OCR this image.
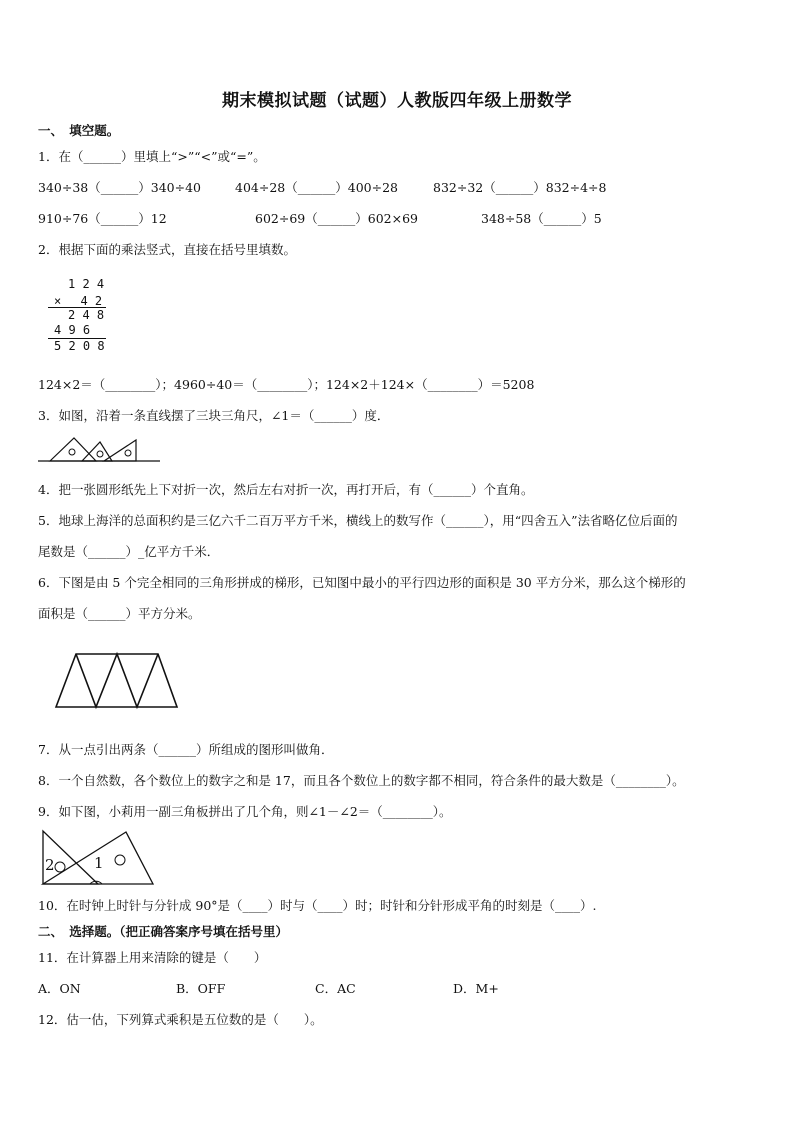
期末模拟试题（试题）人教版四年级上册数学
一、　填空题。
1．在（______）里填上“>”“<”或“=”。
340÷38（______）340÷40	404÷28（______）400÷28	832÷32（______）832÷4÷8
910÷76（______）12	602÷69（______）602×69	348÷58（______）5
2．根据下面的乘法竖式，直接在括号里填数。
1 2 4
× 　4 2
2 4 8
4 9 6
5 2 0 8
124×2＝（________）；4960÷40＝（________）；124×2＋124×（________）＝5208
3．如图，沿着一条直线摆了三块三角尺，∠1＝（______）度．
4．把一张圆形纸先上下对折一次，然后左右对折一次，再打开后，有（______）个直角。
5．地球上海洋的总面积约是三亿六千二百万平方千米，横线上的数写作（______），用“四舍五入”法省略亿位后面的
尾数是（______）_亿平方千米．
6．下图是由 5 个完全相同的三角形拼成的梯形，已知图中最小的平行四边形的面积是 30 平方分米，那么这个梯形的
面积是（______）平方分米。
7．从一点引出两条（______）所组成的图形叫做角．
8．一个自然数，各个数位上的数字之和是 17，而且各个数位上的数字都不相同，符合条件的最大数是（________）。
9．如下图，小莉用一副三角板拼出了几个角，则∠1－∠2＝（________）。
2	1
10．在时钟上时针与分针成 90°是（____）时与（____）时；时针和分针形成平角的时刻是（____）.
二、　选择题。（把正确答案序号填在括号里）
11．在计算器上用来清除的键是（　　）
A．ON	B．OFF	C．AC	D．M+
12．估一估，下列算式乘积是五位数的是（　　）。
